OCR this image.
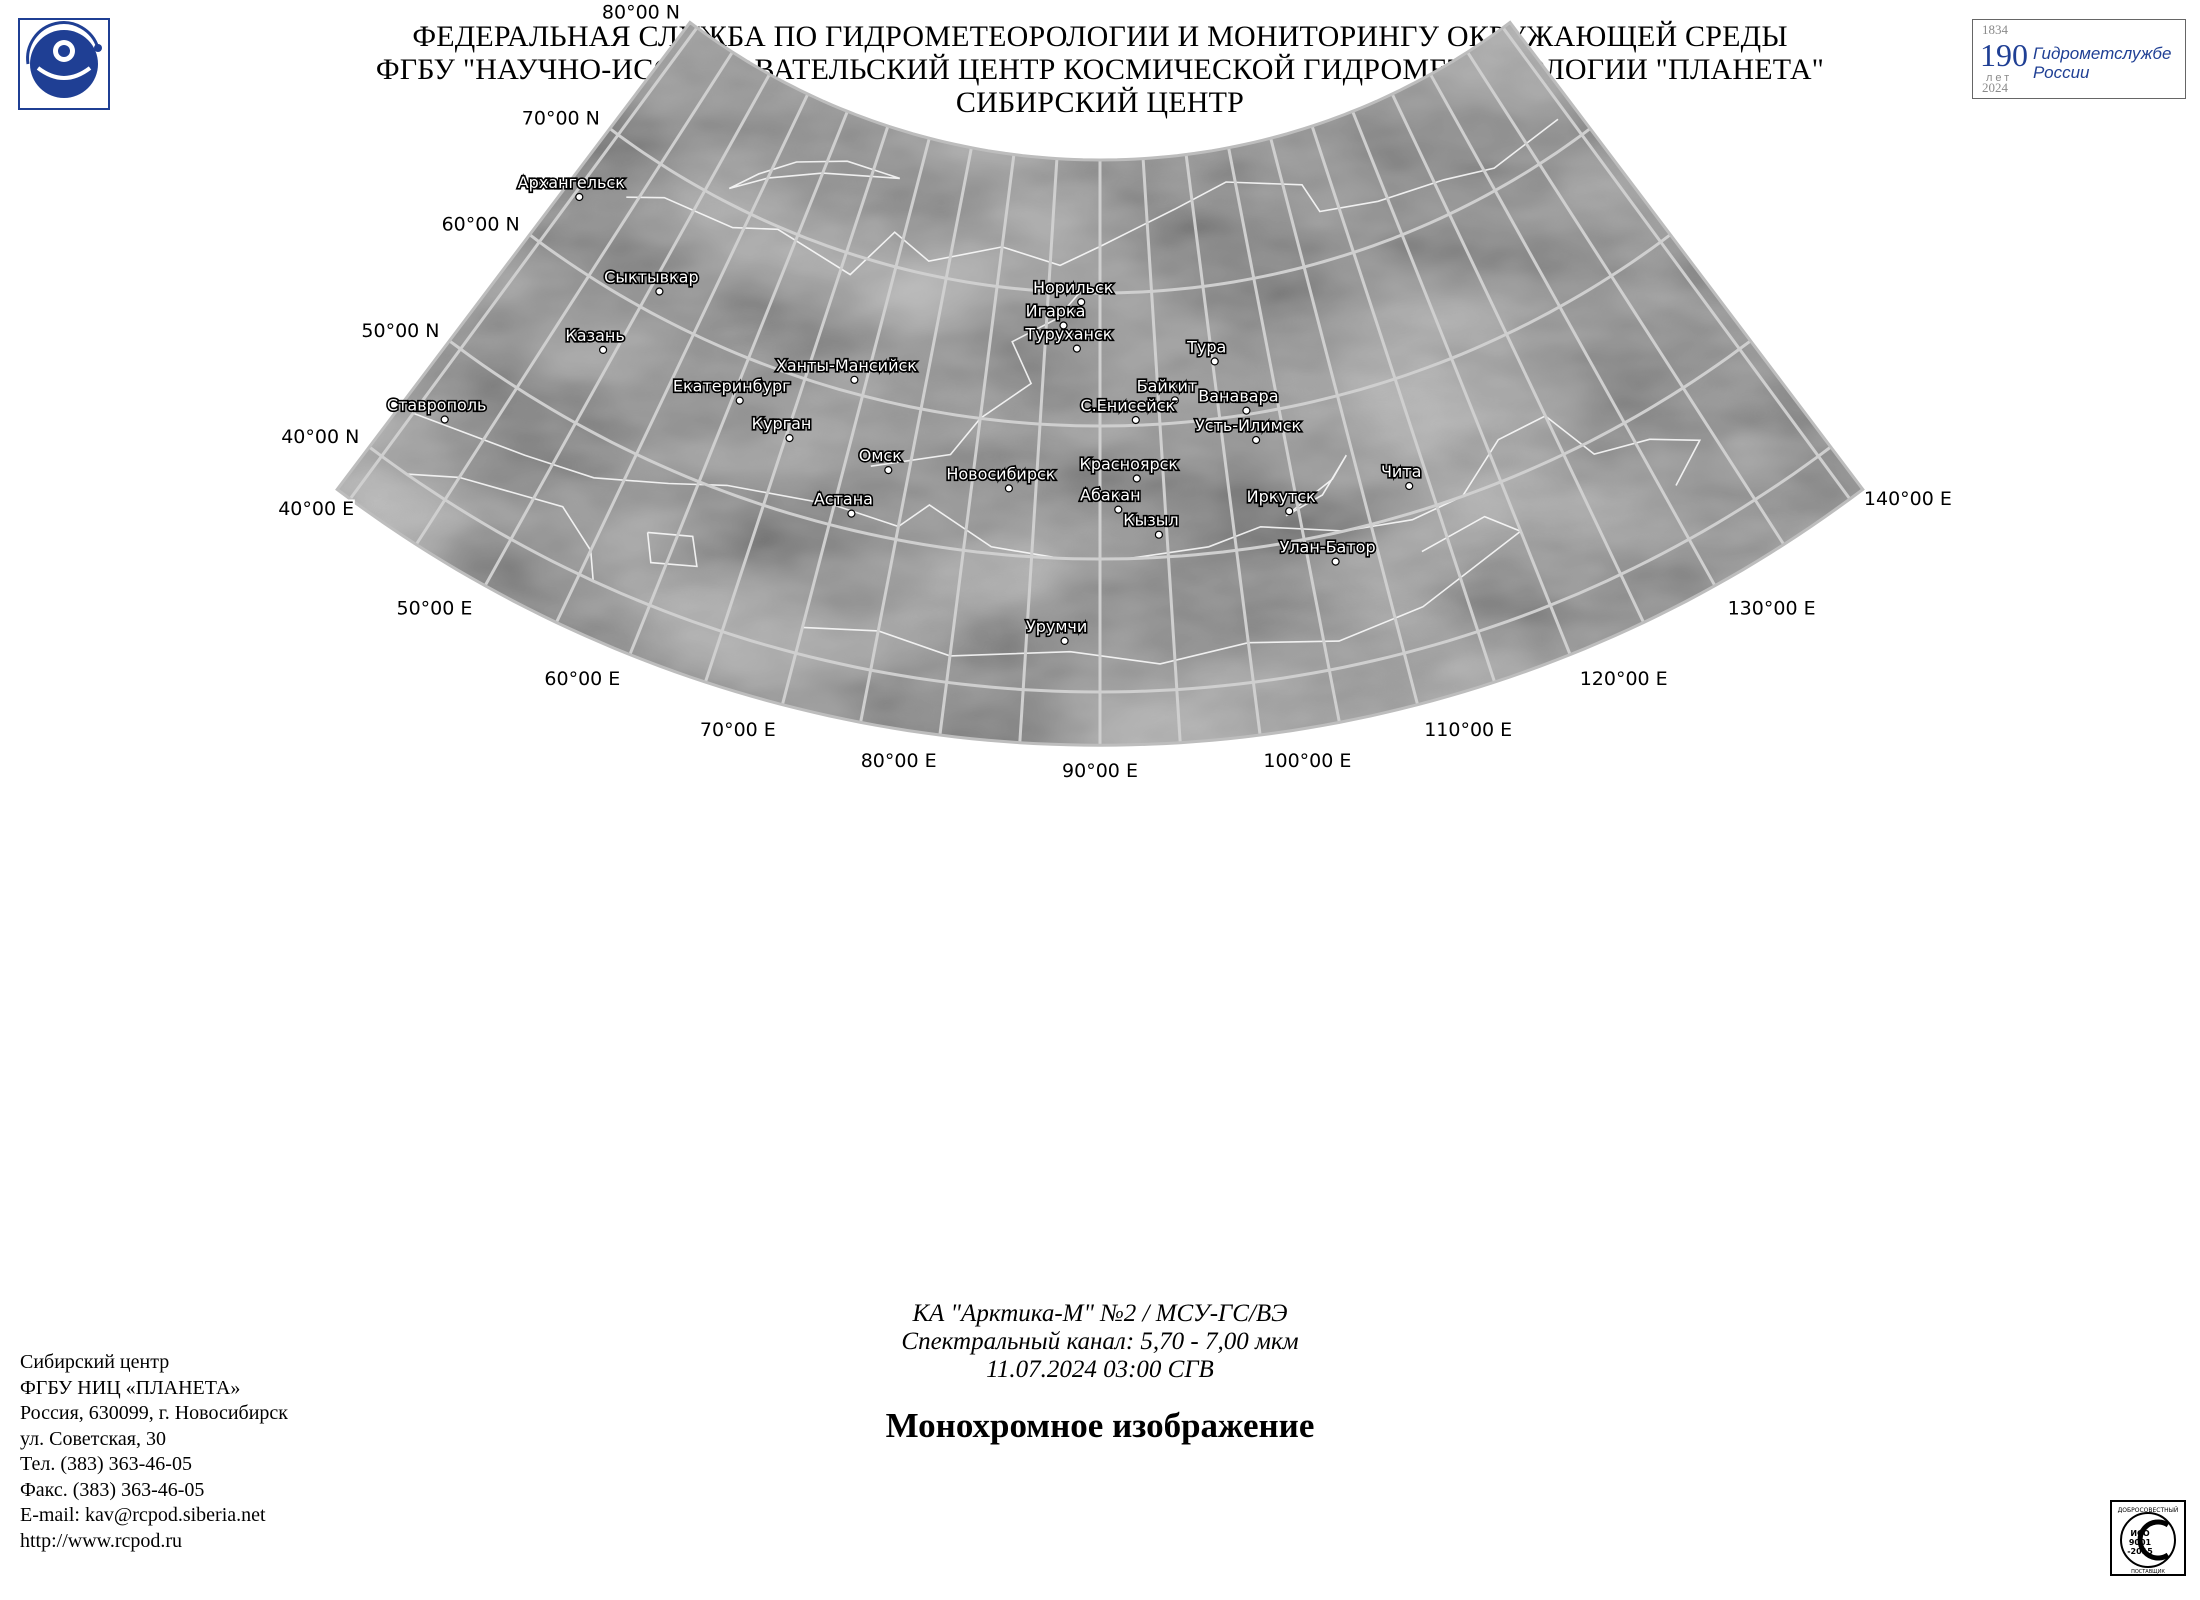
ФЕДЕРАЛЬНАЯ СЛУЖБА ПО ГИДРОМЕТЕОРОЛОГИИ И МОНИТОРИНГУ ОКРУЖАЮЩЕЙ СРЕДЫ
ФГБУ "НАУЧНО-ИССЛЕДОВАТЕЛЬСКИЙ ЦЕНТР КОСМИЧЕСКОЙ ГИДРОМЕТЕОРОЛОГИИ "ПЛАНЕТА"
СИБИРСКИЙ ЦЕНТР
1834
190
лет
2024
Гидрометслужбе
России
Архангельск
Сыктывкар
Казань
Ставрополь
Екатеринбург
Курган
Ханты-Мансийск
Омск
Астана
Новосибирск
Норильск
Игарка
Туруханск
Тура
Байкит
Ванавара
С.Енисейск
Усть-Илимск
Красноярск
Абакан
Кызыл
Иркутск
Чита
Улан-Батор
Урумчи
80°00 N
70°00 N
60°00 N
50°00 N
40°00 N
40°00 E
50°00 E
60°00 E
70°00 E
80°00 E	90°00 E	100°00 E
110°00 E
120°00 E
130°00 E
140°00 E
КА "Арктика-М" №2 / МСУ-ГС/ВЭ
Спектральный канал: 5,70 - 7,00 мкм
11.07.2024 03:00 СГВ
Монохромное изображение
Сибирский центр
ФГБУ НИЦ «ПЛАНЕТА»
Россия, 630099, г. Новосибирск
ул. Советская, 30
Тел. (383) 363-46-05
Факс. (383) 363-46-05
E-mail: kav@rcpod.siberia.net
http://www.rcpod.ru
ДОБРОСОВЕСТНЫЙ
ИСО
9001
-2015
ПОСТАВЩИК
